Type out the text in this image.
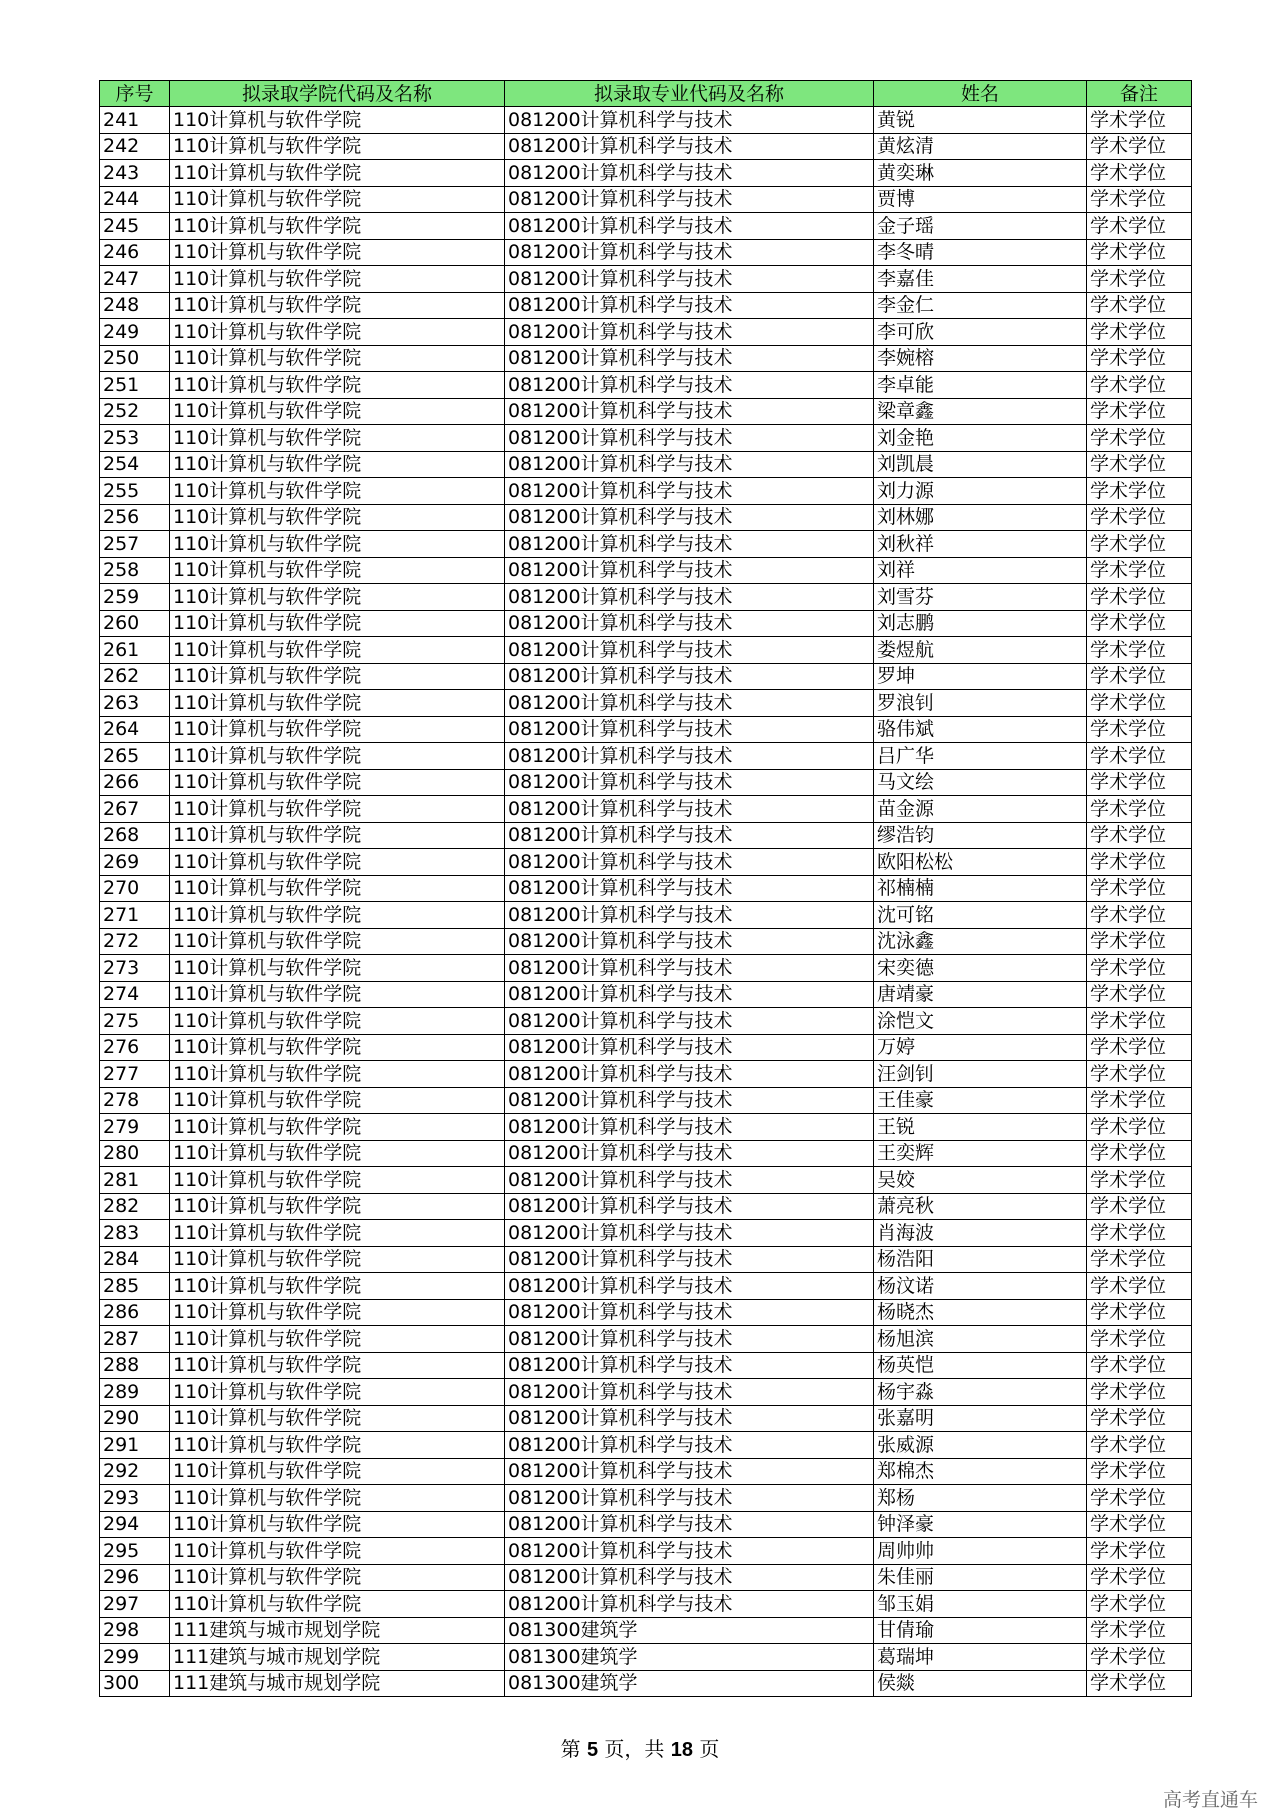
序号	拟录取学院代码及名称	拟录取专业代码及名称	姓名	备注
241	110计算机与软件学院	081200计算机科学与技术	黄锐	学术学位
242	110计算机与软件学院	081200计算机科学与技术	黄炫清	学术学位
243	110计算机与软件学院	081200计算机科学与技术	黄奕琳	学术学位
244	110计算机与软件学院	081200计算机科学与技术	贾博	学术学位
245	110计算机与软件学院	081200计算机科学与技术	金子瑶	学术学位
246	110计算机与软件学院	081200计算机科学与技术	李冬晴	学术学位
247	110计算机与软件学院	081200计算机科学与技术	李嘉佳	学术学位
248	110计算机与软件学院	081200计算机科学与技术	李金仁	学术学位
249	110计算机与软件学院	081200计算机科学与技术	李可欣	学术学位
250	110计算机与软件学院	081200计算机科学与技术	李婉榕	学术学位
251	110计算机与软件学院	081200计算机科学与技术	李卓能	学术学位
252	110计算机与软件学院	081200计算机科学与技术	梁章鑫	学术学位
253	110计算机与软件学院	081200计算机科学与技术	刘金艳	学术学位
254	110计算机与软件学院	081200计算机科学与技术	刘凯晨	学术学位
255	110计算机与软件学院	081200计算机科学与技术	刘力源	学术学位
256	110计算机与软件学院	081200计算机科学与技术	刘林娜	学术学位
257	110计算机与软件学院	081200计算机科学与技术	刘秋祥	学术学位
258	110计算机与软件学院	081200计算机科学与技术	刘祥	学术学位
259	110计算机与软件学院	081200计算机科学与技术	刘雪芬	学术学位
260	110计算机与软件学院	081200计算机科学与技术	刘志鹏	学术学位
261	110计算机与软件学院	081200计算机科学与技术	娄煜航	学术学位
262	110计算机与软件学院	081200计算机科学与技术	罗坤	学术学位
263	110计算机与软件学院	081200计算机科学与技术	罗浪钊	学术学位
264	110计算机与软件学院	081200计算机科学与技术	骆伟斌	学术学位
265	110计算机与软件学院	081200计算机科学与技术	吕广华	学术学位
266	110计算机与软件学院	081200计算机科学与技术	马文绘	学术学位
267	110计算机与软件学院	081200计算机科学与技术	苗金源	学术学位
268	110计算机与软件学院	081200计算机科学与技术	缪浩钧	学术学位
269	110计算机与软件学院	081200计算机科学与技术	欧阳松松	学术学位
270	110计算机与软件学院	081200计算机科学与技术	祁楠楠	学术学位
271	110计算机与软件学院	081200计算机科学与技术	沈可铭	学术学位
272	110计算机与软件学院	081200计算机科学与技术	沈泳鑫	学术学位
273	110计算机与软件学院	081200计算机科学与技术	宋奕德	学术学位
274	110计算机与软件学院	081200计算机科学与技术	唐靖豪	学术学位
275	110计算机与软件学院	081200计算机科学与技术	涂恺文	学术学位
276	110计算机与软件学院	081200计算机科学与技术	万婷	学术学位
277	110计算机与软件学院	081200计算机科学与技术	汪剑钊	学术学位
278	110计算机与软件学院	081200计算机科学与技术	王佳豪	学术学位
279	110计算机与软件学院	081200计算机科学与技术	王锐	学术学位
280	110计算机与软件学院	081200计算机科学与技术	王奕辉	学术学位
281	110计算机与软件学院	081200计算机科学与技术	吴姣	学术学位
282	110计算机与软件学院	081200计算机科学与技术	萧亮秋	学术学位
283	110计算机与软件学院	081200计算机科学与技术	肖海波	学术学位
284	110计算机与软件学院	081200计算机科学与技术	杨浩阳	学术学位
285	110计算机与软件学院	081200计算机科学与技术	杨汶诺	学术学位
286	110计算机与软件学院	081200计算机科学与技术	杨晓杰	学术学位
287	110计算机与软件学院	081200计算机科学与技术	杨旭滨	学术学位
288	110计算机与软件学院	081200计算机科学与技术	杨英恺	学术学位
289	110计算机与软件学院	081200计算机科学与技术	杨宇淼	学术学位
290	110计算机与软件学院	081200计算机科学与技术	张嘉明	学术学位
291	110计算机与软件学院	081200计算机科学与技术	张威源	学术学位
292	110计算机与软件学院	081200计算机科学与技术	郑棉杰	学术学位
293	110计算机与软件学院	081200计算机科学与技术	郑杨	学术学位
294	110计算机与软件学院	081200计算机科学与技术	钟泽豪	学术学位
295	110计算机与软件学院	081200计算机科学与技术	周帅帅	学术学位
296	110计算机与软件学院	081200计算机科学与技术	朱佳丽	学术学位
297	110计算机与软件学院	081200计算机科学与技术	邹玉娟	学术学位
298	111建筑与城市规划学院	081300建筑学	甘倩瑜	学术学位
299	111建筑与城市规划学院	081300建筑学	葛瑞坤	学术学位
300	111建筑与城市规划学院	081300建筑学	侯燚	学术学位
第 5 页，共 18 页
高考直通车
